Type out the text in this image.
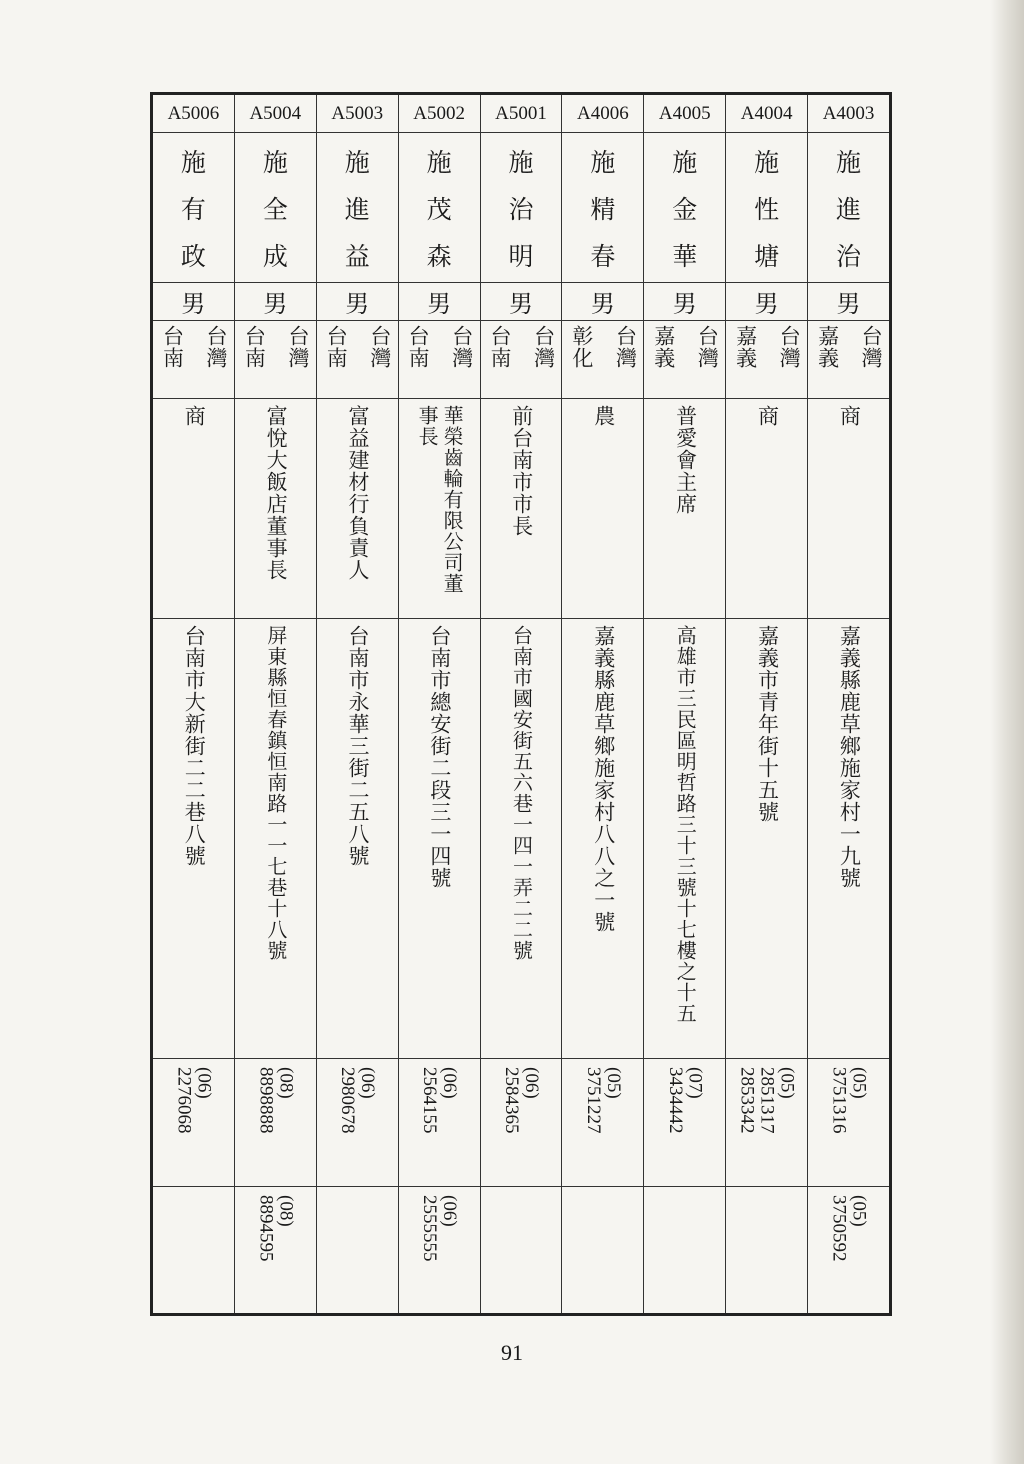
A4003
施
進
治
男
台灣
嘉義
商
嘉義縣鹿草鄉施家村一九號
(05)
3751316
(05)
3750592
A4004
施
性
塘
男
台灣
嘉義
商
嘉義市青年街十五號
(05)
2851317
2853342
A4005
施
金
華
男
台灣
嘉義
普愛會主席
高雄市三民區明哲路三十三號十七樓之十五
(07)
3434442
A4006
施
精
春
男
台灣
彰化
農
嘉義縣鹿草鄉施家村八八之一號
(05)
3751227
A5001
施
治
明
男
台灣
台南
前台南市市長
台南市國安街五六巷一四一弄二二號
(06)
2584365
A5002
施
茂
森
男
台灣
台南
華榮齒輪有限公司董事長
台南市總安街二段三一四號
(06)
2564155
(06)
2555555
A5003
施
進
益
男
台灣
台南
富益建材行負責人
台南市永華三街二五八號
(06)
2980678
A5004
施
全
成
男
台灣
台南
富悅大飯店董事長
屏東縣恒春鎮恒南路一一七巷十八號
(08)
8898888
(08)
8894595
A5006
施
有
政
男
台灣
台南
商
台南市大新街二二巷八號
(06)
2276068
91
